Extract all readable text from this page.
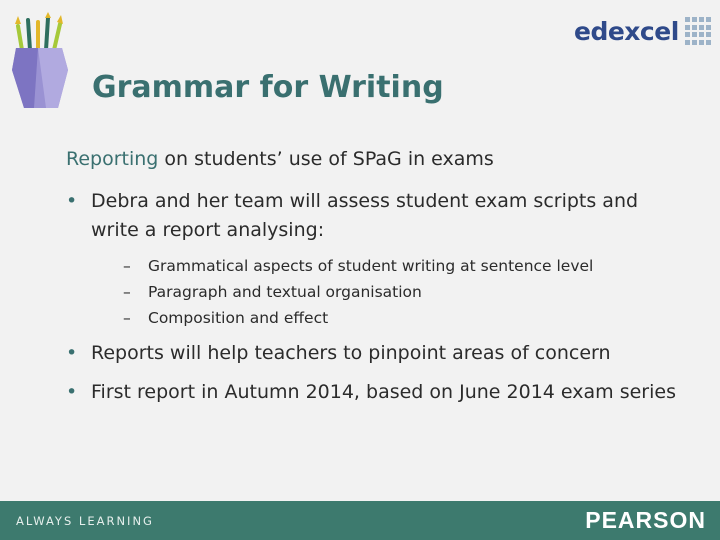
edexcel
Grammar for Writing
Reporting on students’ use of SPaG in exams
• Debra and her team will assess student exam scripts and write a report analysing:
– Grammatical aspects of student writing at sentence level
– Paragraph and textual organisation
– Composition and effect
• Reports will help teachers to pinpoint areas of concern
• First report in Autumn 2014, based on June 2014 exam series
ALWAYS LEARNING	PEARSON
